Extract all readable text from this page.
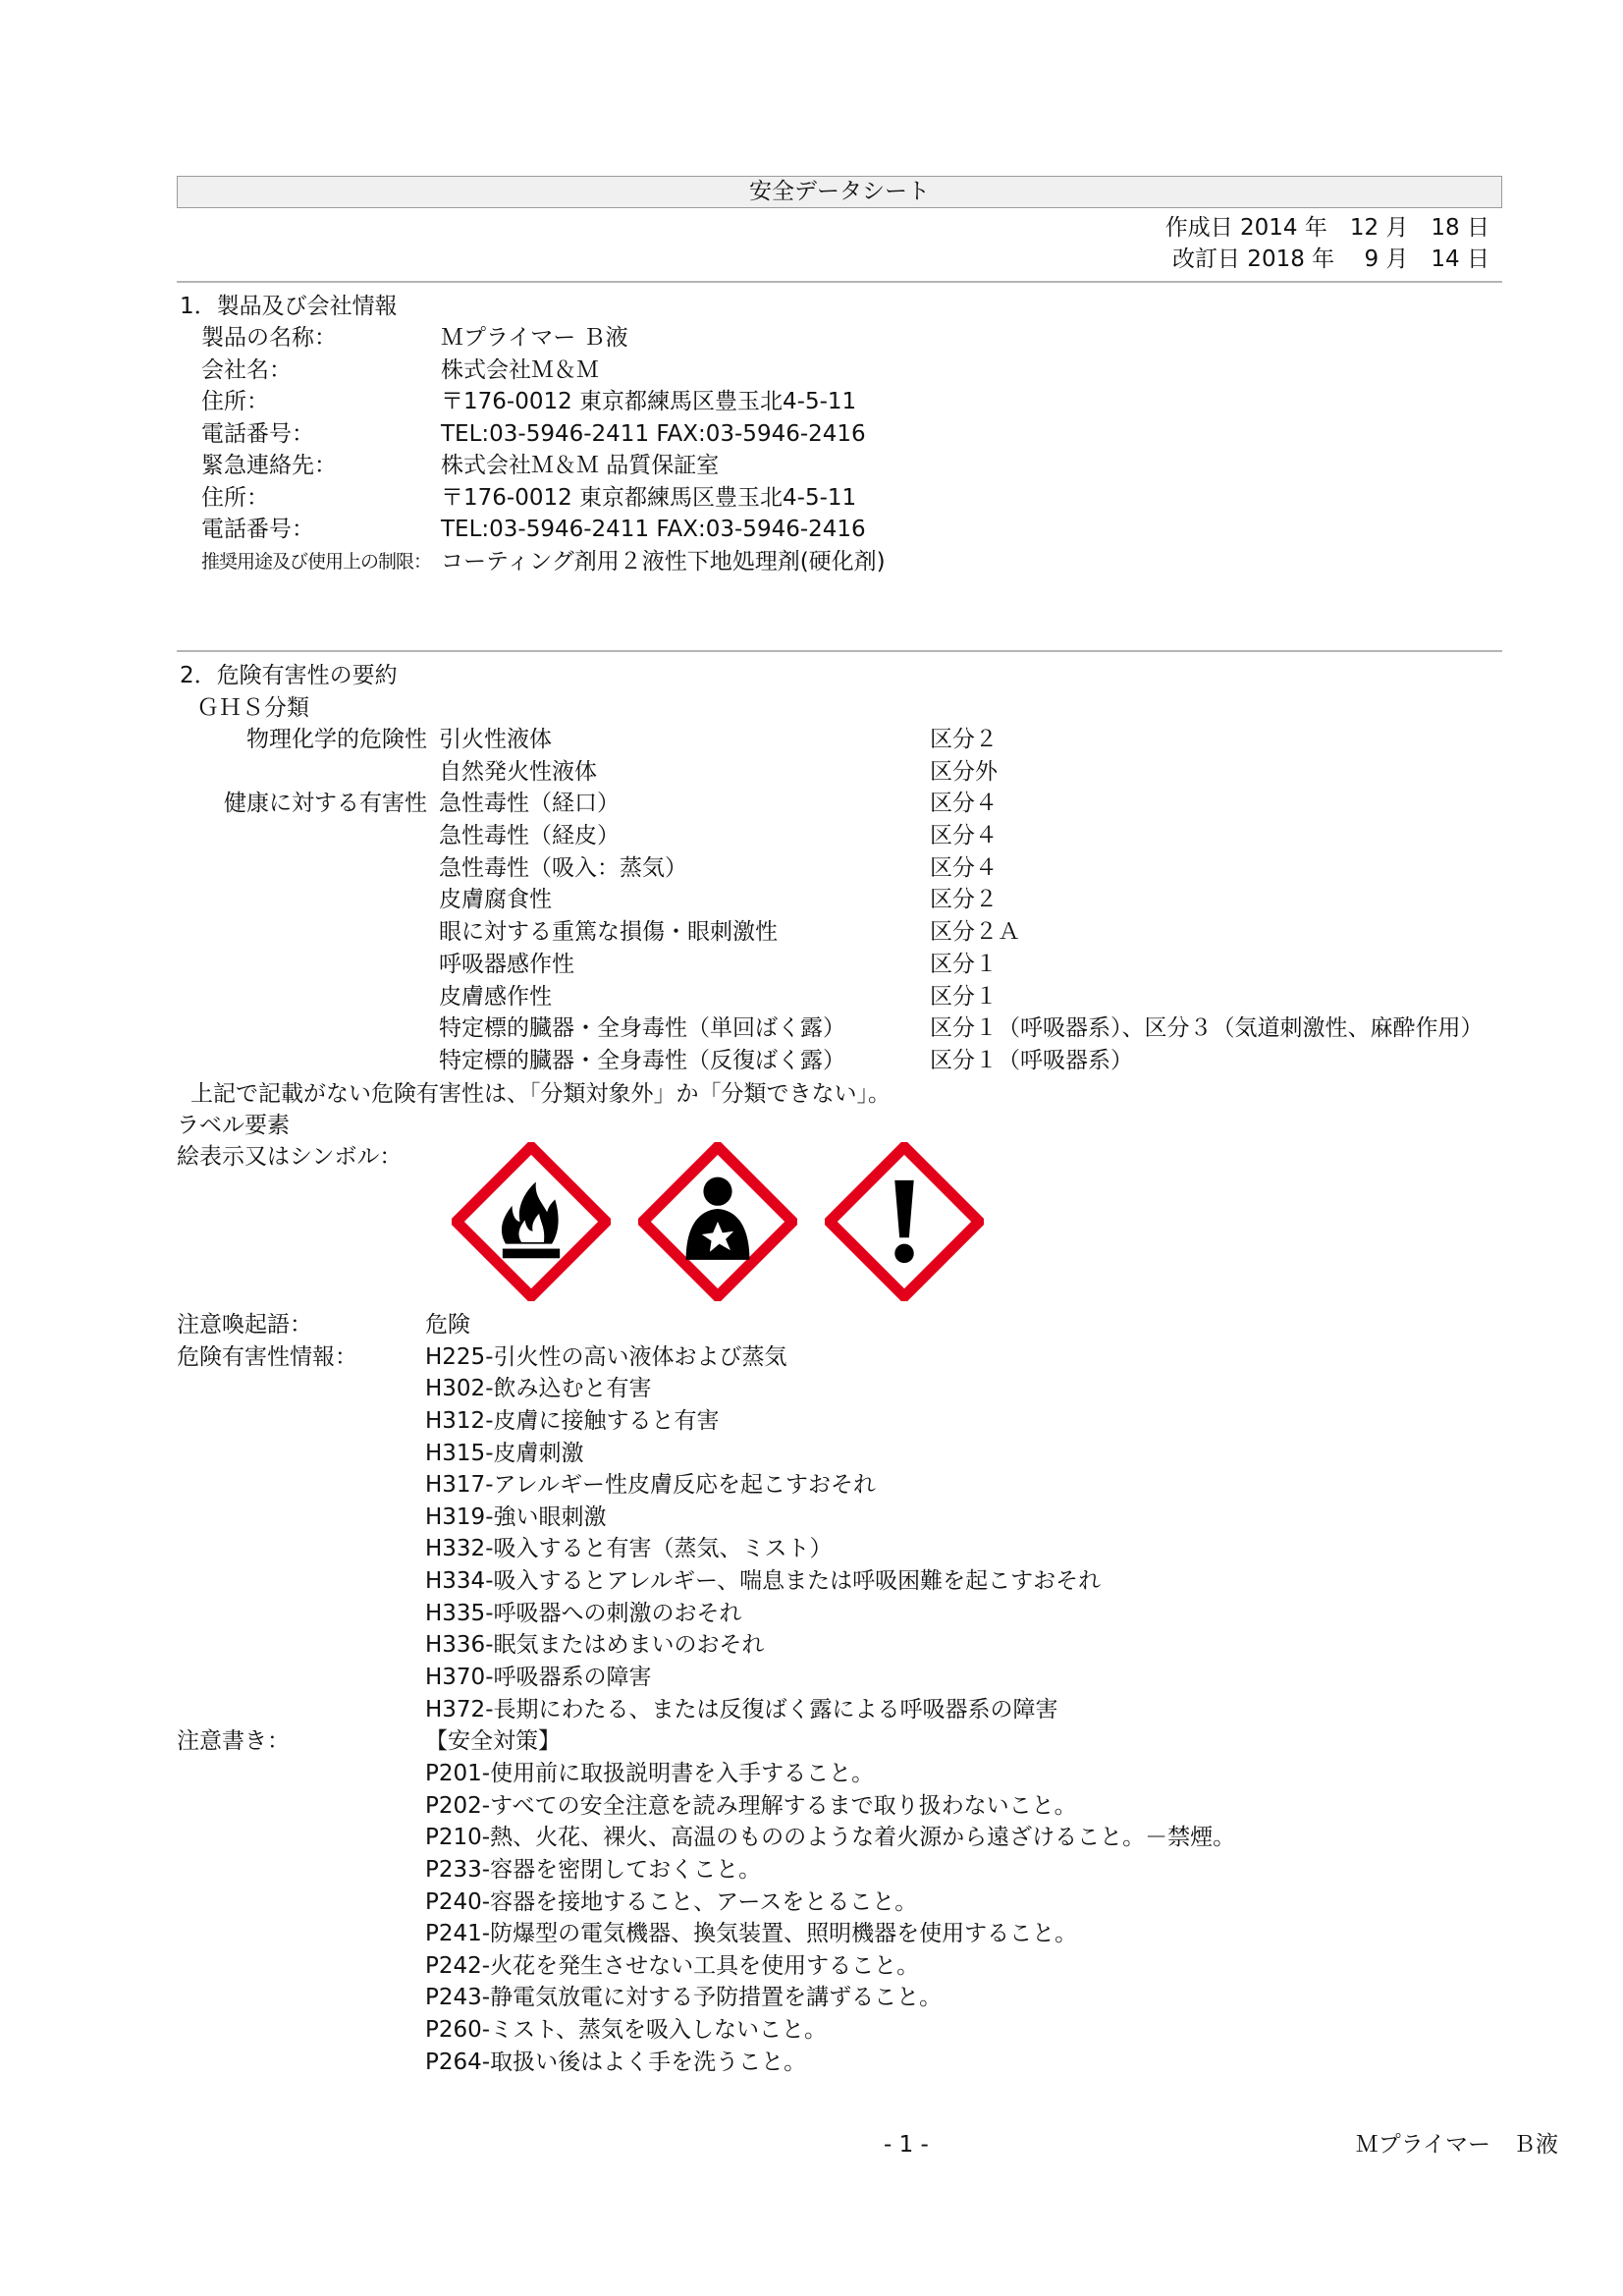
安全データシート
作成日 2014 年　12 月　18 日
改訂日 2018 年　 9 月　14 日
1．製品及び会社情報
製品の名称：	Ｍプライマー Ｂ液
会社名：	株式会社Ｍ＆Ｍ
住所：	〒176-0012 東京都練馬区豊玉北4-5-11
電話番号：	TEL:03-5946-2411 FAX:03-5946-2416
緊急連絡先：	株式会社Ｍ＆Ｍ 品質保証室
住所：	〒176-0012 東京都練馬区豊玉北4-5-11
電話番号：	TEL:03-5946-2411 FAX:03-5946-2416
推奨用途及び使用上の制限： コーティング剤用２液性下地処理剤(硬化剤)
2．危険有害性の要約
ＧＨＳ分類
物理化学的危険性 引火性液体	区分２
自然発火性液体	区分外
健康に対する有害性 急性毒性（経口）	区分４
急性毒性（経皮）	区分４
急性毒性（吸入：蒸気）	区分４
皮膚腐食性	区分２
眼に対する重篤な損傷・眼刺激性	区分２Ａ
呼吸器感作性	区分１
皮膚感作性	区分１
特定標的臓器・全身毒性（単回ばく露）	区分１（呼吸器系）、区分３（気道刺激性、麻酔作用）
特定標的臓器・全身毒性（反復ばく露）	区分１（呼吸器系）
上記で記載がない危険有害性は、「分類対象外」か「分類できない」。
ラベル要素
絵表示又はシンボル：
注意喚起語：	危険
危険有害性情報：	H225-引火性の高い液体および蒸気
H302-飲み込むと有害
H312-皮膚に接触すると有害
H315-皮膚刺激
H317-アレルギー性皮膚反応を起こすおそれ
H319-強い眼刺激
H332-吸入すると有害（蒸気、ミスト）
H334-吸入するとアレルギー、喘息または呼吸困難を起こすおそれ
H335-呼吸器への刺激のおそれ
H336-眠気またはめまいのおそれ
H370-呼吸器系の障害
H372-長期にわたる、または反復ばく露による呼吸器系の障害
注意書き：	【安全対策】
P201-使用前に取扱説明書を入手すること。
P202-すべての安全注意を読み理解するまで取り扱わないこと。
P210-熱、火花、裸火、高温のもののような着火源から遠ざけること。－禁煙。
P233-容器を密閉しておくこと。
P240-容器を接地すること、アースをとること。
P241-防爆型の電気機器、換気装置、照明機器を使用すること。
P242-火花を発生させない工具を使用すること。
P243-静電気放電に対する予防措置を講ずること。
P260-ミスト、蒸気を吸入しないこと。
P264-取扱い後はよく手を洗うこと。
- 1 -	Ｍプライマー　Ｂ液
